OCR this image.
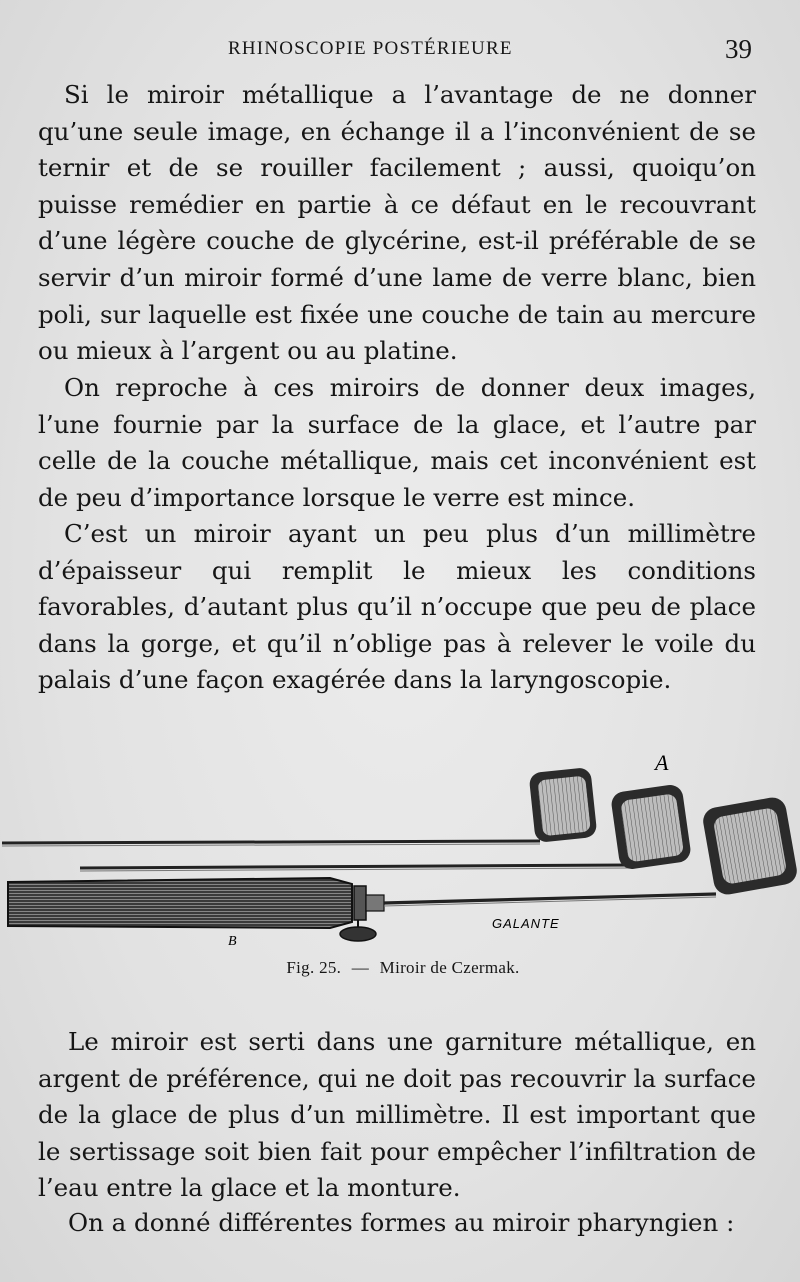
RHINOSCOPIE POSTÉRIEURE	39

Si le miroir métallique a l’avantage de ne donner qu’une seule image, en échange il a l’inconvénient de se ternir et de se rouiller facilement ; aussi, quoiqu’on puisse remédier en partie à ce défaut en le recouvrant d’une légère couche de glycérine, est-il préférable de se servir d’un miroir formé d’une lame de verre blanc, bien poli, sur laquelle est fixée une couche de tain au mercure ou mieux à l’argent ou au platine.

On reproche à ces miroirs de donner deux images, l’une fournie par la surface de la glace, et l’autre par celle de la couche métallique, mais cet inconvénient est de peu d’importance lorsque le verre est mince.

C’est un miroir ayant un peu plus d’un millimètre d’épaisseur qui remplit le mieux les conditions favorables, d’autant plus qu’il n’occupe que peu de place dans la gorge, et qu’il n’oblige pas à relever le voile du palais d’une façon exagérée dans la laryngoscopie.

A
GALANTE
B
Fig. 25. — Miroir de Czermak.

Le miroir est serti dans une garniture métallique, en argent de préférence, qui ne doit pas recouvrir la surface de la glace de plus d’un millimètre. Il est important que le sertissage soit bien fait pour empêcher l’infiltration de l’eau entre la glace et la monture.

On a donné différentes formes au miroir pharyngien :
